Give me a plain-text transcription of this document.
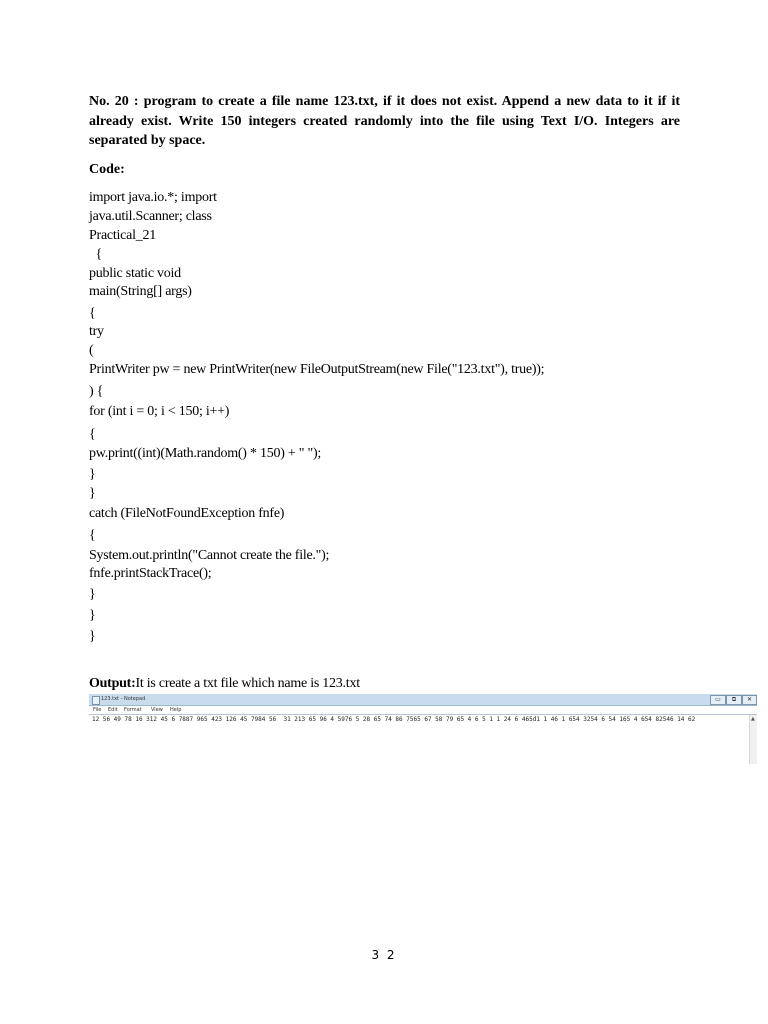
No. 20 : program to create a file name 123.txt, if it does not exist. Append a new data to it if it already exist. Write 150 integers created randomly into the file using Text I/O. Integers are separated by space.
Code:
import java.io.*; import
java.util.Scanner; class
Practical_21
{
public static void
main(String[] args)
{
try
(
PrintWriter pw = new PrintWriter(new FileOutputStream(new File("123.txt"), true));
) {
for (int i = 0; i < 150; i++)
{
pw.print((int)(Math.random() * 150) + " ");
}
}
catch (FileNotFoundException fnfe)
{
System.out.println("Cannot create the file.");
fnfe.printStackTrace();
}
}
}
Output:It is create a txt file which name is 123.txt
123.txt - Notepad	▭	⧉	✕
File Edit Format View Help
12 56 49 78 16 312 45 6 7887 965 423 126 45 7984 56  31 213 65 96 4 5976 5 28 65 74 86 7565 67 58 79 65 4 6 5 1 1 24 6 465d1 1 46 1 654 3254 6 54 165 4 654 82546 14 62	▲
3 2
